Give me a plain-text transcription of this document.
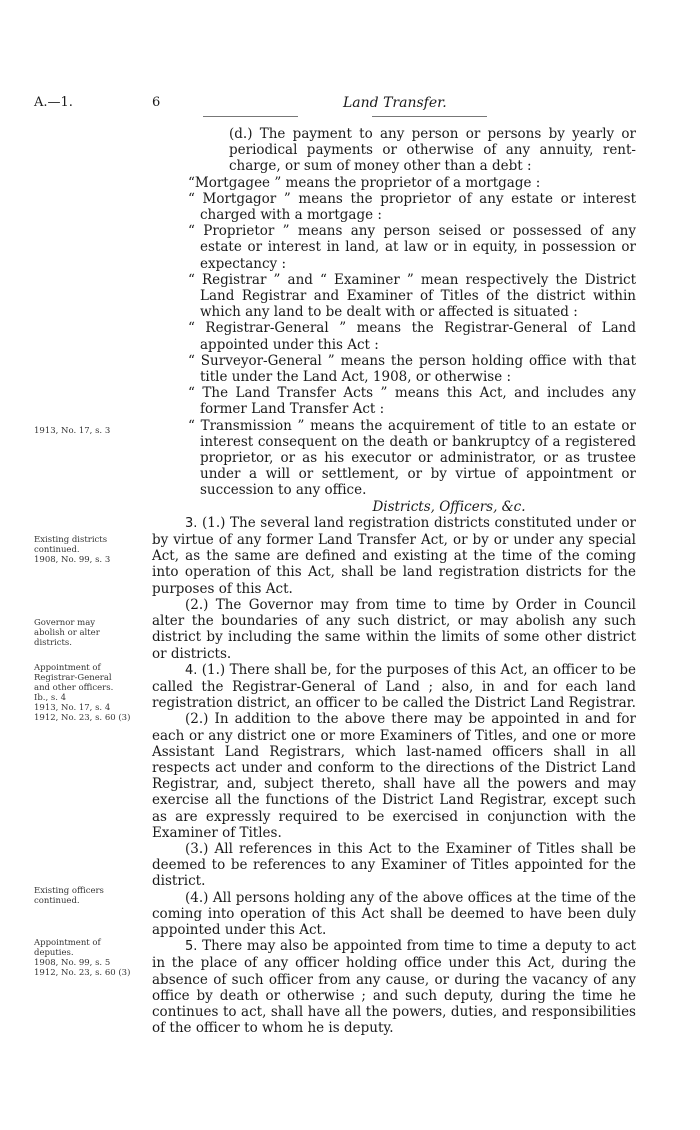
A.—1.	6	Land Transfer.

(d.) The payment to any person or persons by yearly or periodical payments or otherwise of any annuity, rent-charge, or sum of money other than a debt :

“Mortgagee ” means the proprietor of a mortgage :

“ Mortgagor ” means the proprietor of any estate or interest charged with a mortgage :

“ Proprietor ” means any person seised or possessed of any estate or interest in land, at law or in equity, in possession or expectancy :

“ Registrar ” and “ Examiner ” mean respectively the District Land Registrar and Examiner of Titles of the district within which any land to be dealt with or affected is situated :

“ Registrar-General ” means the Registrar-General of Land appointed under this Act :

“ Surveyor-General ” means the person holding office with that title under the Land Act, 1908, or otherwise :

“ The Land Transfer Acts ” means this Act, and includes any former Land Transfer Act :

“ Transmission ” means the acquirement of title to an estate or interest consequent on the death or bankruptcy of a registered proprietor, or as his executor or administrator, or as trustee under a will or settlement, or by virtue of appointment or succession to any office.

Districts, Officers, &c.

3. (1.) The several land registration districts constituted under or by virtue of any former Land Transfer Act, or by or under any special Act, as the same are defined and existing at the time of the coming into operation of this Act, shall be land registration districts for the purposes of this Act.

(2.) The Governor may from time to time by Order in Council alter the boundaries of any such district, or may abolish any such district by including the same within the limits of some other district or districts.

4. (1.) There shall be, for the purposes of this Act, an officer to be called the Registrar-General of Land ; also, in and for each land registration district, an officer to be called the District Land Registrar.

(2.) In addition to the above there may be appointed in and for each or any district one or more Examiners of Titles, and one or more Assistant Land Registrars, which last-named officers shall in all respects act under and conform to the directions of the District Land Registrar, and, subject thereto, shall have all the powers and may exercise all the functions of the District Land Registrar, except such as are expressly required to be exercised in conjunction with the Examiner of Titles.

(3.) All references in this Act to the Examiner of Titles shall be deemed to be references to any Examiner of Titles appointed for the district.

(4.) All persons holding any of the above offices at the time of the coming into operation of this Act shall be deemed to have been duly appointed under this Act.

5. There may also be appointed from time to time a deputy to act in the place of any officer holding office under this Act, during the absence of such officer from any cause, or during the vacancy of any office by death or otherwise ; and such deputy, during the time he continues to act, shall have all the powers, duties, and responsibilities of the officer to whom he is deputy.

1913, No. 17, s. 3
Existing districts
continued.
1908, No. 99, s. 3
Governor may
abolish or alter
districts.
Appointment of
Registrar-General
and other officers.
Ib., s. 4
1913, No. 17, s. 4
1912, No. 23, s. 60 (3)
Existing officers
continued.
Appointment of
deputies.
1908, No. 99, s. 5
1912, No. 23, s. 60 (3)
